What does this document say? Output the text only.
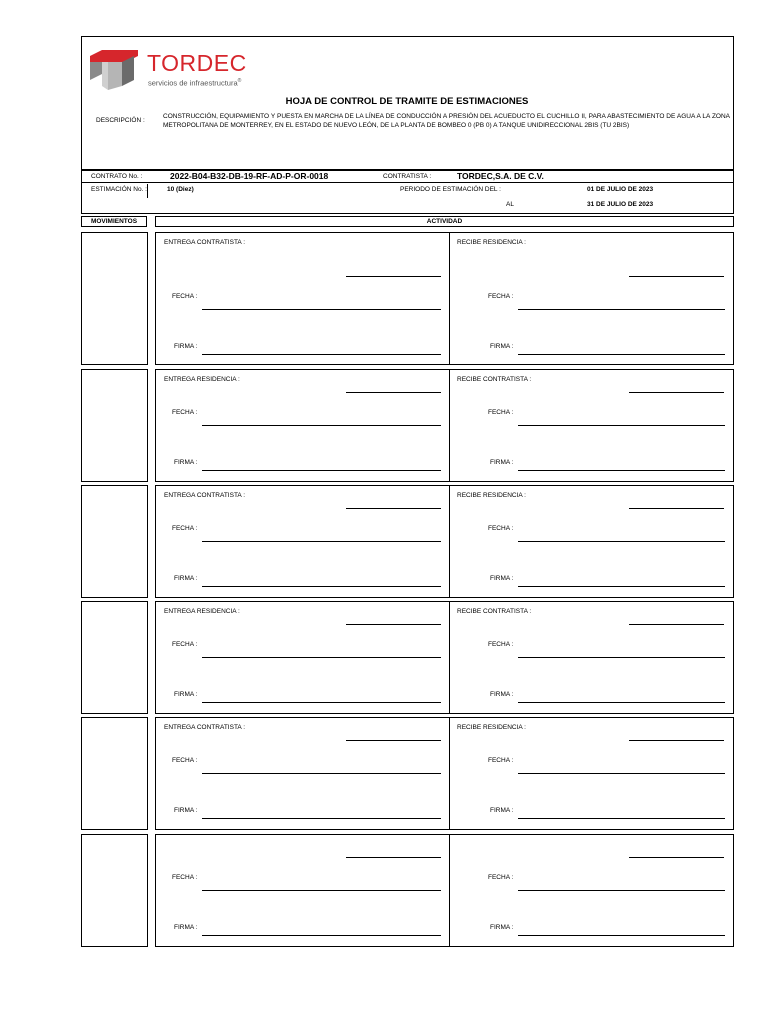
TORDEC
servicios de infraestructura®
HOJA DE CONTROL DE TRAMITE DE ESTIMACIONES
DESCRIPCIÓN :
CONSTRUCCIÓN, EQUIPAMIENTO Y PUESTA EN MARCHA DE LA LÍNEA DE CONDUCCIÓN A PRESIÓN DEL ACUEDUCTO EL CUCHILLO II, PARA ABASTECIMIENTO DE AGUA A LA ZONA METROPOLITANA DE MONTERREY, EN EL ESTADO DE NUEVO LEÓN, DE LA PLANTA DE BOMBEO 0 (PB 0) A TANQUE UNIDIRECCIONAL 2BIS (TU 2BIS)
CONTRATO No. :	2022-B04-B32-DB-19-RF-AD-P-OR-0018	CONTRATISTA :	TORDEC,S.A. DE C.V.
ESTIMACIÓN No. :	10 (Diez)	PERIODO DE ESTIMACIÓN DEL :	01 DE JULIO DE 2023
AL	31 DE JULIO DE 2023
MOVIMIENTOS	ACTIVIDAD
ENTREGA CONTRATISTA :	RECIBE RESIDENCIA :
FECHA :	FECHA :
FIRMA :	FIRMA :
ENTREGA RESIDENCIA :	RECIBE CONTRATISTA :
FECHA :	FECHA :
FIRMA :	FIRMA :
ENTREGA CONTRATISTA :	RECIBE RESIDENCIA :
FECHA :	FECHA :
FIRMA :	FIRMA :
ENTREGA RESIDENCIA :	RECIBE CONTRATISTA :
FECHA :	FECHA :
FIRMA :	FIRMA :
ENTREGA CONTRATISTA :	RECIBE RESIDENCIA :
FECHA :	FECHA :
FIRMA :	FIRMA :
FECHA :	FECHA :
FIRMA :	FIRMA :
